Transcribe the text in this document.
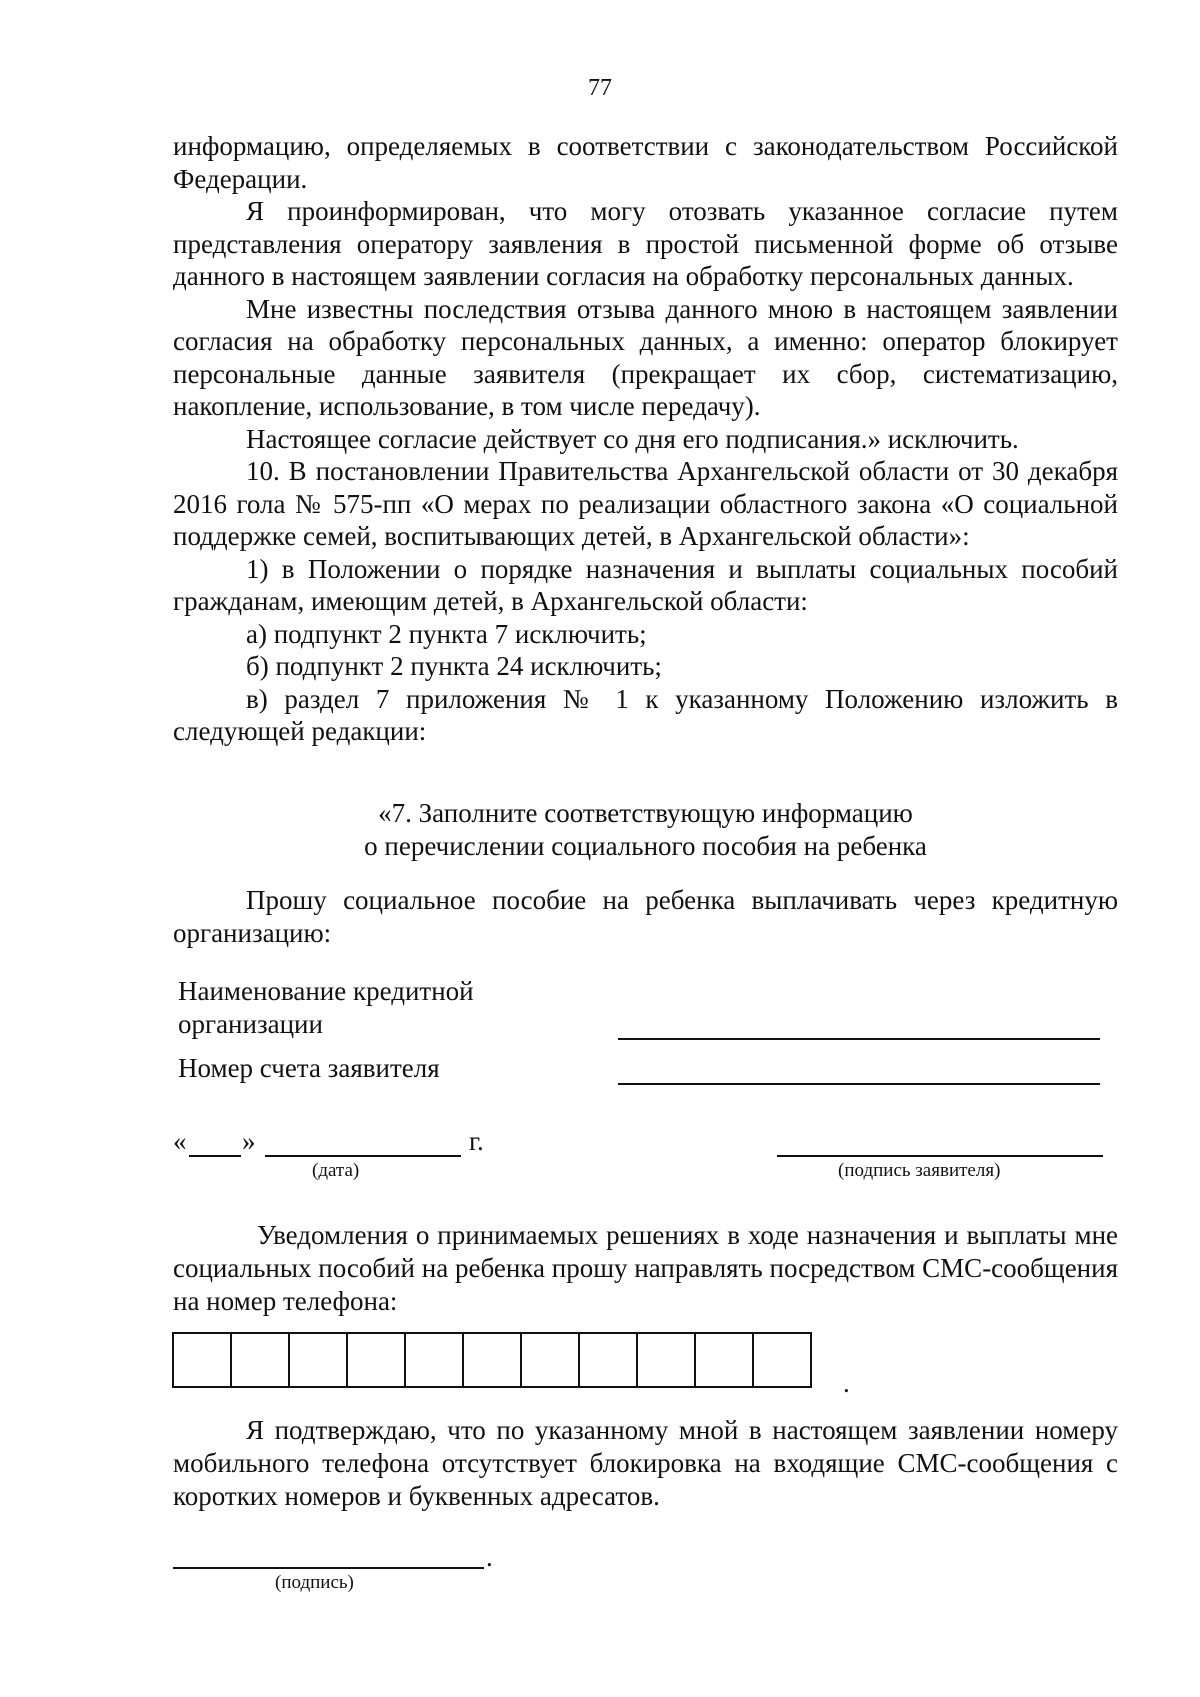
77

информацию, определяемых в соответствии с законодательством Российской Федерации.

Я проинформирован, что могу отозвать указанное согласие путем представления оператору заявления в простой письменной форме об отзыве данного в настоящем заявлении согласия на обработку персональных данных.

Мне известны последствия отзыва данного мною в настоящем заявлении согласия на обработку персональных данных, а именно: оператор блокирует персональные данные заявителя (прекращает их сбор, систематизацию, накопление, использование, в том числе передачу).

Настоящее согласие действует со дня его подписания.» исключить.

10. В постановлении Правительства Архангельской области от 30 декабря 2016 гола № 575-пп «О мерах по реализации областного закона «О социальной поддержке семей, воспитывающих детей, в Архангельской области»:

1) в Положении о порядке назначения и выплаты социальных пособий гражданам, имеющим детей, в Архангельской области:

а) подпункт 2 пункта 7 исключить;

б) подпункт 2 пункта 24 исключить;

в) раздел 7 приложения № 1 к указанному Положению изложить в следующей редакции:

«7. Заполните соответствующую информацию
о перечислении социального пособия на ребенка

Прошу социальное пособие на ребенка выплачивать через кредитную организацию:

Наименование кредитной
организации
Номер счета заявителя
« »	г.
(дата)	(подпись заявителя)

Уведомления о принимаемых решениях в ходе назначения и выплаты мне социальных пособий на ребенка прошу направлять посредством СМС-сообщения на номер телефона:

.

Я подтверждаю, что по указанному мной в настоящем заявлении номеру мобильного телефона отсутствует блокировка на входящие СМС-сообщения с коротких номеров и буквенных адресатов.

.
(подпись)
